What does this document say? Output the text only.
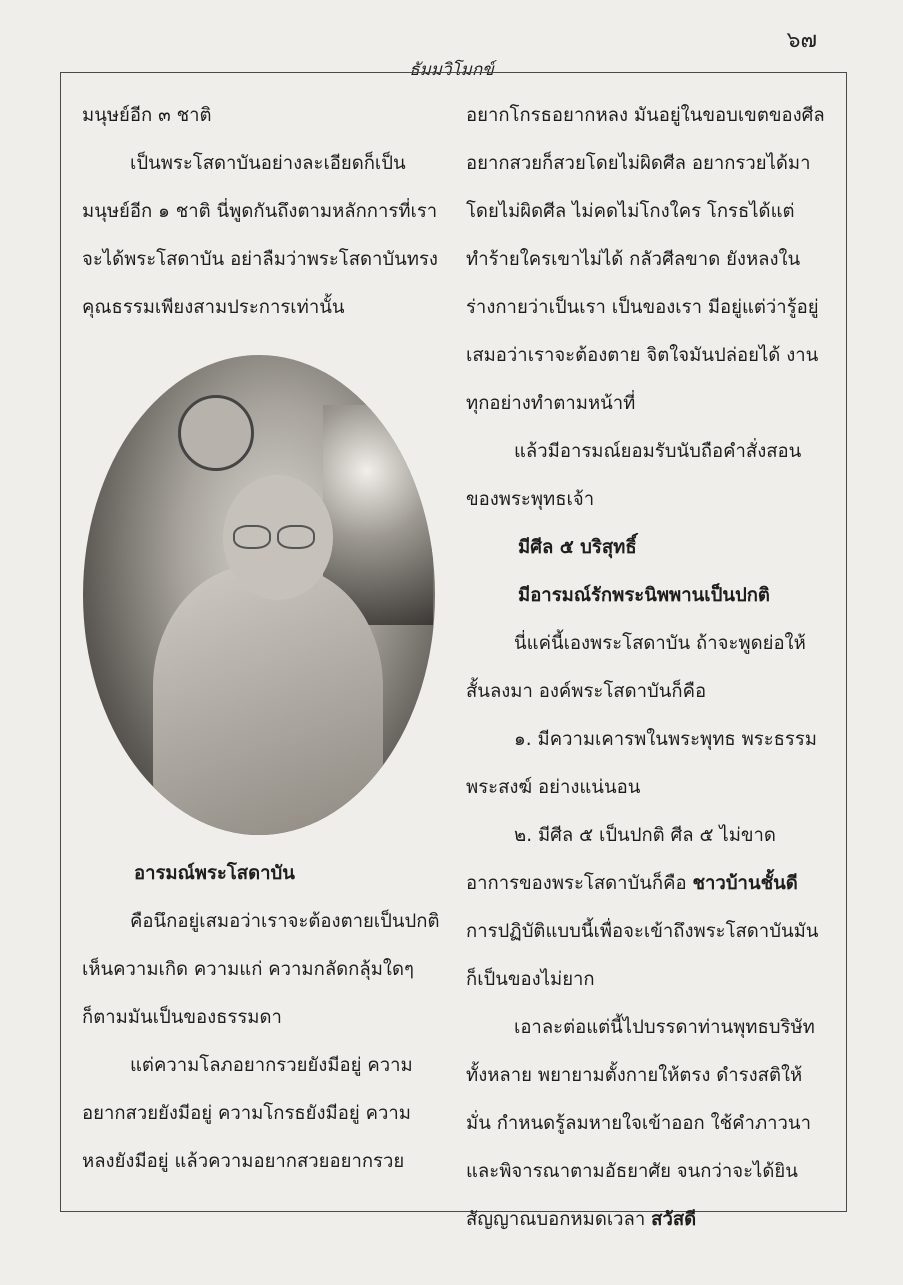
๖๗
ธัมมวิโมกข์

มนุษย์อีก ๓ ชาติ

เป็นพระโสดาบันอย่างละเอียดก็เป็นมนุษย์อีก ๑ ชาติ นี่พูดกันถึงตามหลักการที่เราจะได้พระโสดาบัน อย่าลืมว่าพระโสดาบันทรงคุณธรรมเพียงสามประการเท่านั้น

อารมณ์พระโสดาบัน

คือนึกอยู่เสมอว่าเราจะต้องตายเป็นปกติ เห็นความเกิด ความแก่ ความกลัดกลุ้มใดๆ ก็ตามมันเป็นของธรรมดา

แต่ความโลภอยากรวยยังมีอยู่ ความอยากสวยยังมีอยู่ ความโกรธยังมีอยู่ ความหลงยังมีอยู่ แล้วความอยากสวยอยากรวย

อยากโกรธอยากหลง มันอยู่ในขอบเขตของศีล อยากสวยก็สวยโดยไม่ผิดศีล อยากรวยได้มาโดยไม่ผิดศีล ไม่คดไม่โกงใคร โกรธได้แต่ทำร้ายใครเขาไม่ได้ กลัวศีลขาด ยังหลงในร่างกายว่าเป็นเรา เป็นของเรา มีอยู่แต่ว่ารู้อยู่เสมอว่าเราจะต้องตาย จิตใจมันปล่อยได้ งานทุกอย่างทำตามหน้าที่

แล้วมีอารมณ์ยอมรับนับถือคำสั่งสอนของพระพุทธเจ้า

มีศีล ๕ บริสุทธิ์

มีอารมณ์รักพระนิพพานเป็นปกติ

นี่แค่นี้เองพระโสดาบัน ถ้าจะพูดย่อให้สั้นลงมา องค์พระโสดาบันก็คือ

๑. มีความเคารพในพระพุทธ พระธรรม พระสงฆ์ อย่างแน่นอน

๒. มีศีล ๕ เป็นปกติ ศีล ๕ ไม่ขาด

อาการของพระโสดาบันก็คือ ชาวบ้านชั้นดี

การปฏิบัติแบบนี้เพื่อจะเข้าถึงพระโสดาบันมันก็เป็นของไม่ยาก

เอาละต่อแต่นี้ไปบรรดาท่านพุทธบริษัททั้งหลาย พยายามตั้งกายให้ตรง ดำรงสติให้มั่น กำหนดรู้ลมหายใจเข้าออก ใช้คำภาวนาและพิจารณาตามอัธยาศัย จนกว่าจะได้ยินสัญญาณบอกหมดเวลา สวัสดี
